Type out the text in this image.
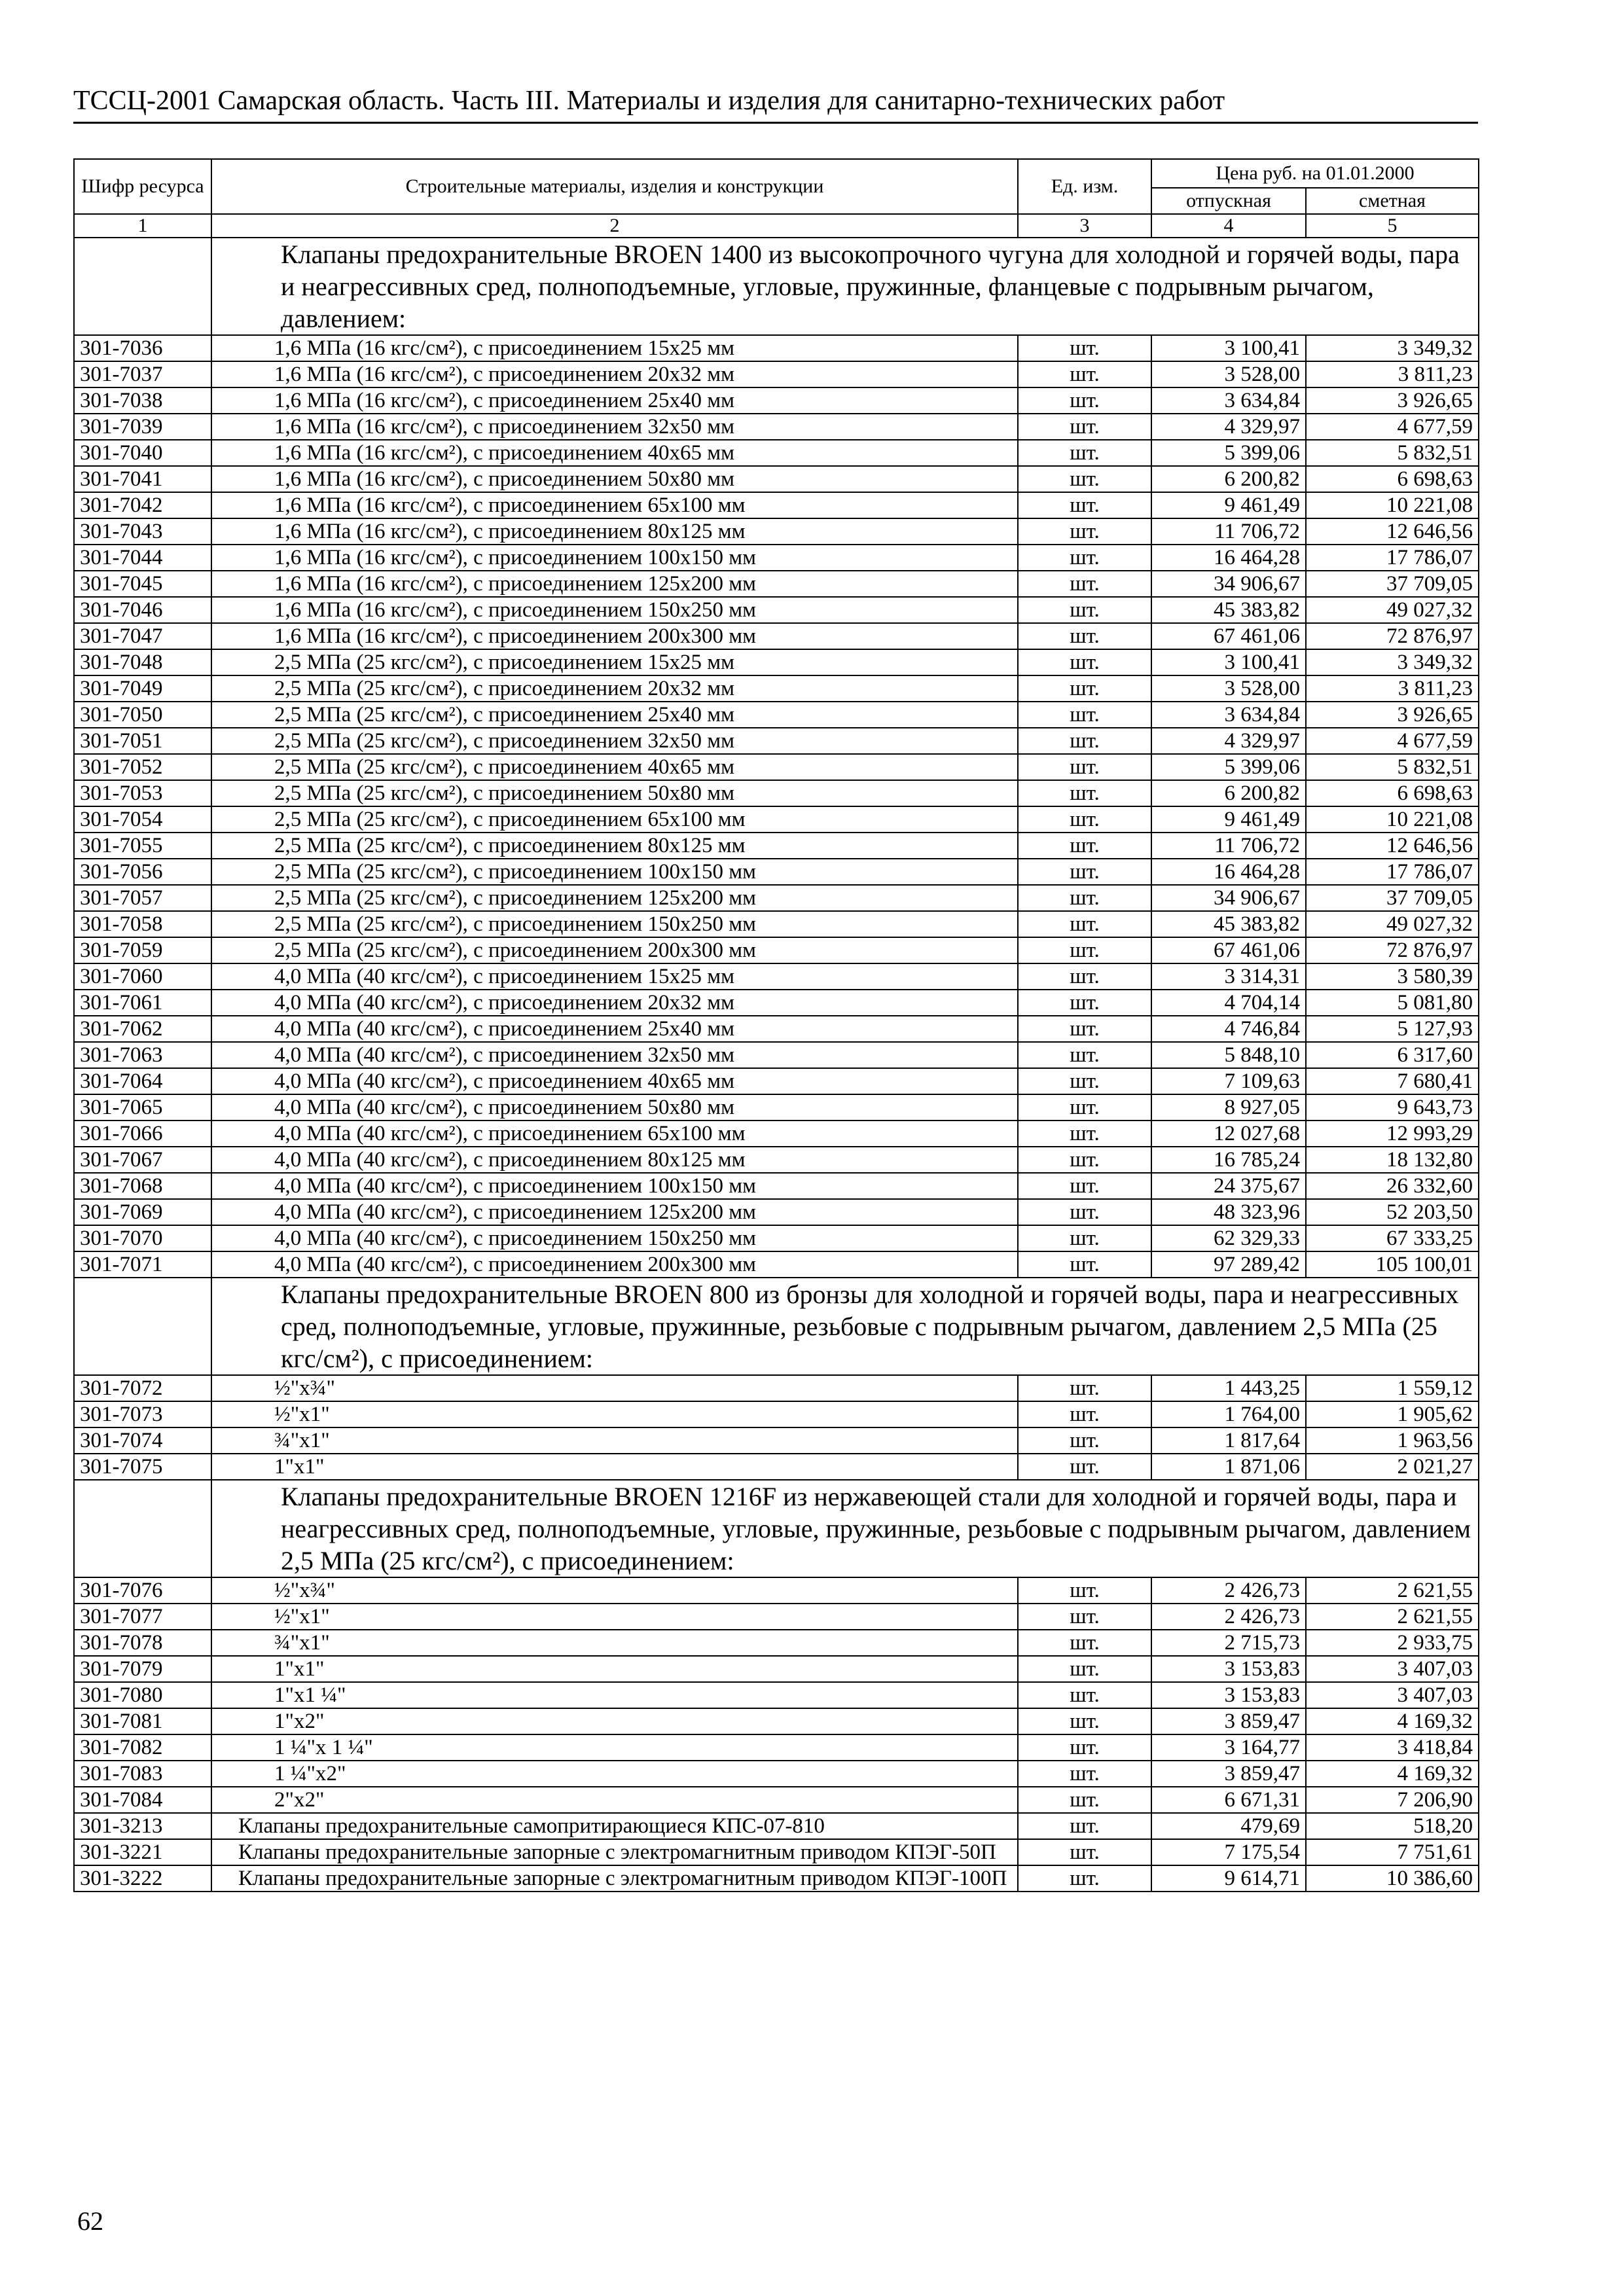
ТССЦ-2001 Самарская область. Часть III. Материалы и изделия для санитарно-технических работ
Шифр ресурса	Строительные материалы, изделия и конструкции	Ед. изм.	Цена руб. на 01.01.2000	
			отпускная	сметная
1	2	3	4	5
	Клапаны предохранительные BROEN 1400 из высокопрочного чугуна для холодной и горячей воды, пара и неагрессивных сред, полноподъемные, угловые, пружинные, фланцевые с подрывным рычагом, давлением:			
301-7036	1,6 МПа (16 кгс/см²), с присоединением 15х25 мм	шт.	3 100,41	3 349,32
301-7037	1,6 МПа (16 кгс/см²), с присоединением 20х32 мм	шт.	3 528,00	3 811,23
301-7038	1,6 МПа (16 кгс/см²), с присоединением 25х40 мм	шт.	3 634,84	3 926,65
301-7039	1,6 МПа (16 кгс/см²), с присоединением 32х50 мм	шт.	4 329,97	4 677,59
301-7040	1,6 МПа (16 кгс/см²), с присоединением 40х65 мм	шт.	5 399,06	5 832,51
301-7041	1,6 МПа (16 кгс/см²), с присоединением 50х80 мм	шт.	6 200,82	6 698,63
301-7042	1,6 МПа (16 кгс/см²), с присоединением 65х100 мм	шт.	9 461,49	10 221,08
301-7043	1,6 МПа (16 кгс/см²), с присоединением 80х125 мм	шт.	11 706,72	12 646,56
301-7044	1,6 МПа (16 кгс/см²), с присоединением 100х150 мм	шт.	16 464,28	17 786,07
301-7045	1,6 МПа (16 кгс/см²), с присоединением 125х200 мм	шт.	34 906,67	37 709,05
301-7046	1,6 МПа (16 кгс/см²), с присоединением 150х250 мм	шт.	45 383,82	49 027,32
301-7047	1,6 МПа (16 кгс/см²), с присоединением 200х300 мм	шт.	67 461,06	72 876,97
301-7048	2,5 МПа (25 кгс/см²), с присоединением 15х25 мм	шт.	3 100,41	3 349,32
301-7049	2,5 МПа (25 кгс/см²), с присоединением 20х32 мм	шт.	3 528,00	3 811,23
301-7050	2,5 МПа (25 кгс/см²), с присоединением 25х40 мм	шт.	3 634,84	3 926,65
301-7051	2,5 МПа (25 кгс/см²), с присоединением 32х50 мм	шт.	4 329,97	4 677,59
301-7052	2,5 МПа (25 кгс/см²), с присоединением 40х65 мм	шт.	5 399,06	5 832,51
301-7053	2,5 МПа (25 кгс/см²), с присоединением 50х80 мм	шт.	6 200,82	6 698,63
301-7054	2,5 МПа (25 кгс/см²), с присоединением 65х100 мм	шт.	9 461,49	10 221,08
301-7055	2,5 МПа (25 кгс/см²), с присоединением 80х125 мм	шт.	11 706,72	12 646,56
301-7056	2,5 МПа (25 кгс/см²), с присоединением 100х150 мм	шт.	16 464,28	17 786,07
301-7057	2,5 МПа (25 кгс/см²), с присоединением 125х200 мм	шт.	34 906,67	37 709,05
301-7058	2,5 МПа (25 кгс/см²), с присоединением 150х250 мм	шт.	45 383,82	49 027,32
301-7059	2,5 МПа (25 кгс/см²), с присоединением 200х300 мм	шт.	67 461,06	72 876,97
301-7060	4,0 МПа (40 кгс/см²), с присоединением 15х25 мм	шт.	3 314,31	3 580,39
301-7061	4,0 МПа (40 кгс/см²), с присоединением 20х32 мм	шт.	4 704,14	5 081,80
301-7062	4,0 МПа (40 кгс/см²), с присоединением 25х40 мм	шт.	4 746,84	5 127,93
301-7063	4,0 МПа (40 кгс/см²), с присоединением 32х50 мм	шт.	5 848,10	6 317,60
301-7064	4,0 МПа (40 кгс/см²), с присоединением 40х65 мм	шт.	7 109,63	7 680,41
301-7065	4,0 МПа (40 кгс/см²), с присоединением 50х80 мм	шт.	8 927,05	9 643,73
301-7066	4,0 МПа (40 кгс/см²), с присоединением 65х100 мм	шт.	12 027,68	12 993,29
301-7067	4,0 МПа (40 кгс/см²), с присоединением 80х125 мм	шт.	16 785,24	18 132,80
301-7068	4,0 МПа (40 кгс/см²), с присоединением 100х150 мм	шт.	24 375,67	26 332,60
301-7069	4,0 МПа (40 кгс/см²), с присоединением 125х200 мм	шт.	48 323,96	52 203,50
301-7070	4,0 МПа (40 кгс/см²), с присоединением 150х250 мм	шт.	62 329,33	67 333,25
301-7071	4,0 МПа (40 кгс/см²), с присоединением 200х300 мм	шт.	97 289,42	105 100,01
	Клапаны предохранительные BROEN 800 из бронзы для холодной и горячей воды, пара и неагрессивных сред, полноподъемные, угловые, пружинные, резьбовые с подрывным рычагом, давлением 2,5 МПа (25 кгс/см²), с присоединением:			
301-7072	½"х¾"	шт.	1 443,25	1 559,12
301-7073	½"х1"	шт.	1 764,00	1 905,62
301-7074	¾"х1"	шт.	1 817,64	1 963,56
301-7075	1"х1"	шт.	1 871,06	2 021,27
	Клапаны предохранительные BROEN 1216F из нержавеющей стали для холодной и горячей воды, пара и неагрессивных сред, полноподъемные, угловые, пружинные, резьбовые с подрывным рычагом, давлением 2,5 МПа (25 кгс/см²), с присоединением:			
301-7076	½"х¾"	шт.	2 426,73	2 621,55
301-7077	½"х1"	шт.	2 426,73	2 621,55
301-7078	¾"х1"	шт.	2 715,73	2 933,75
301-7079	1"х1"	шт.	3 153,83	3 407,03
301-7080	1"х1 ¼"	шт.	3 153,83	3 407,03
301-7081	1"х2"	шт.	3 859,47	4 169,32
301-7082	1 ¼"х 1 ¼"	шт.	3 164,77	3 418,84
301-7083	1 ¼"х2"	шт.	3 859,47	4 169,32
301-7084	2"х2"	шт.	6 671,31	7 206,90
301-3213	Клапаны предохранительные самопритирающиеся КПС-07-810	шт.	479,69	518,20
301-3221	Клапаны предохранительные запорные с электромагнитным приводом КПЭГ-50П	шт.	7 175,54	7 751,61
301-3222	Клапаны предохранительные запорные с электромагнитным приводом КПЭГ-100П	шт.	9 614,71	10 386,60
62
